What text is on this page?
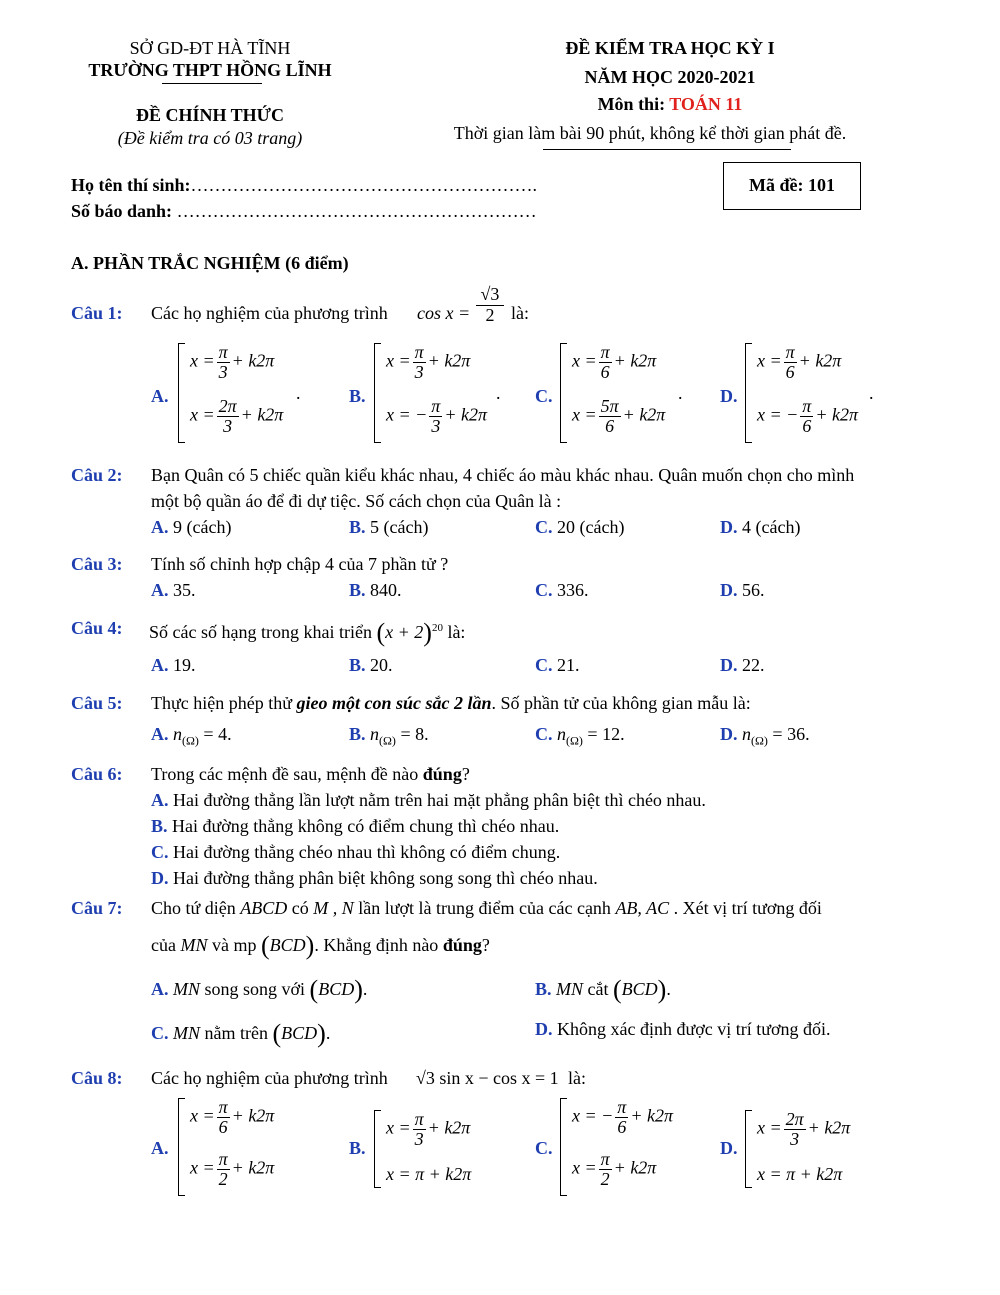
SỞ GD-ĐT HÀ TĨNH
TRƯỜNG THPT HỒNG LĨNH
ĐỀ CHÍNH THỨC
(Đề kiểm tra có 03 trang)
ĐỀ KIỂM TRA HỌC KỲ I
NĂM HỌC 2020-2021
Môn thi: TOÁN 11
Thời gian làm bài 90 phút, không kể thời gian phát đề.
Họ tên thí sinh:………………………………………………….
Số báo danh: ……………………………………………………
Mã đề: 101
A. PHẦN TRẮC NGHIỆM (6 điểm)
Câu 1: Các họ nghiệm của phương trình $\cos x = \frac{√3}{2}$ là:
A.
$x = \frac{\pi}{3} + k2\pi$
$x = \frac{2\pi}{3} + k2\pi$
.	B.
$x = \frac{\pi}{3} + k2\pi$
x = − $\frac{\pi}{3} + k2\pi$
. C.
$x = \frac{\pi}{6} + k2\pi$
$x = \frac{5\pi}{6} + k2\pi$
. D.
$x = \frac{\pi}{6} + k2\pi$
x = − $\frac{\pi}{6} + k2\pi$
.
Câu 2: Bạn Quân có 5 chiếc quần kiểu khác nhau, 4 chiếc áo màu khác nhau. Quân muốn chọn cho mình
một bộ quần áo để đi dự tiệc. Số cách chọn của Quân là :
A. 9 (cách)	B. 5 (cách)	C. 20 (cách)	D. 4 (cách)
Câu 3: Tính số chỉnh hợp chập 4 của 7 phần tử ?
A. 35.	B. 840.	C. 336.	D. 56.
Câu 4: Số các số hạng trong khai triển $(x + 2)^{20}$ là:
A. 19.	B. 20.	C. 21.	D. 22.
Câu 5: Thực hiện phép thử gieo một con súc sắc 2 lần. Số phần tử của không gian mẫu là:
A. $n_{(\Omega)} = 4$.	B. $n_{(\Omega)} = 8$.	C. $n_{(\Omega)} = 12$.	D. $n_{(\Omega)} = 36$.
Câu 6: Trong các mệnh đề sau, mệnh đề nào đúng?
A. Hai đường thẳng lần lượt nằm trên hai mặt phẳng phân biệt thì chéo nhau.
B. Hai đường thẳng không có điểm chung thì chéo nhau.
C. Hai đường thẳng chéo nhau thì không có điểm chung.
D. Hai đường thẳng phân biệt không song song thì chéo nhau.
Câu 7: Cho tứ diện ABCD có M , N lần lượt là trung điểm của các cạnh AB, AC . Xét vị trí tương đối
của MN và mp (BCD). Khẳng định nào đúng?
A. MN song song với (BCD).	B. MN cắt (BCD).
C. MN nằm trên (BCD).	D. Không xác định được vị trí tương đối.
Câu 8: Các họ nghiệm của phương trình √3 sin x − cos x = 1 là:
A.
$x = \frac{\pi}{6} + k2\pi$
$x = \frac{\pi}{2} + k2\pi$
B.
$x = \frac{\pi}{3} + k2\pi$
x = π + k2π
C.
x = − $\frac{\pi}{6} + k2\pi$
$x = \frac{\pi}{2} + k2\pi$
D.
$x = \frac{2\pi}{3} + k2\pi$
x = π + k2π
